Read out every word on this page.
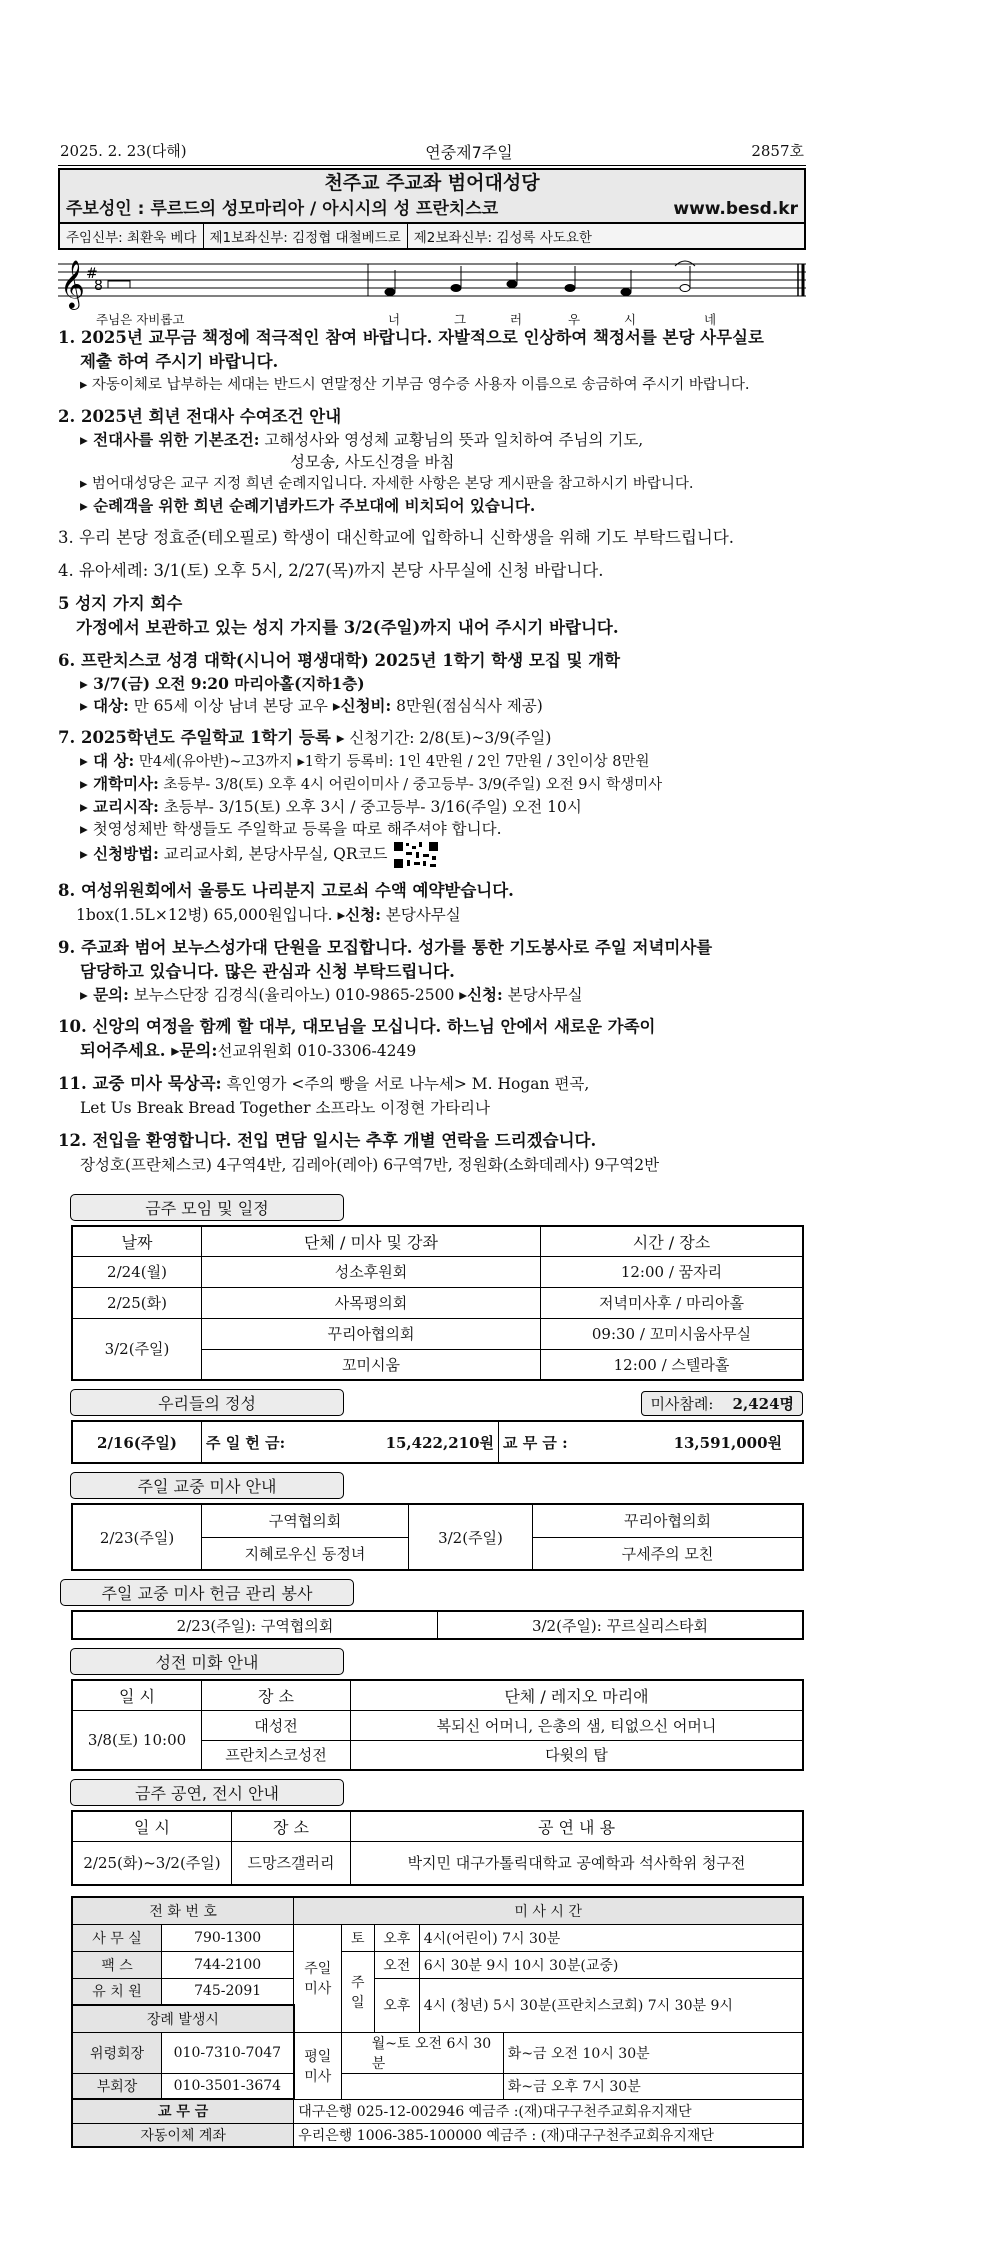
2025. 2. 23(다해)	연중제7주일	2857호
천주교 주교좌 범어대성당
주보성인 : 루르드의 성모마리아 / 아시시의 성 프란치스코	www.besd.kr
주임신부: 최환욱 베다 제1보좌신부: 김정협 대철베드로 제2보좌신부: 김성록 사도요한
𝄞 #
8
주님은 자비롭고	너	그	러	우	시	네
1. 2025년 교무금 책정에 적극적인 참여 바랍니다. 자발적으로 인상하여 책정서를 본당 사무실로
제출 하여 주시기 바랍니다.
▸ 자동이체로 납부하는 세대는 반드시 연말정산 기부금 영수증 사용자 이름으로 송금하여 주시기 바랍니다.
2. 2025년 희년 전대사 수여조건 안내
▸ 전대사를 위한 기본조건: 고해성사와 영성체 교황님의 뜻과 일치하여 주님의 기도,
성모송, 사도신경을 바침
▸ 범어대성당은 교구 지정 희년 순례지입니다. 자세한 사항은 본당 게시판을 참고하시기 바랍니다.
▸ 순례객을 위한 희년 순례기념카드가 주보대에 비치되어 있습니다.
3. 우리 본당 정효준(테오필로) 학생이 대신학교에 입학하니 신학생을 위해 기도 부탁드립니다.
4. 유아세례: 3/1(토) 오후 5시, 2/27(목)까지 본당 사무실에 신청 바랍니다.
5 성지 가지 회수
가정에서 보관하고 있는 성지 가지를 3/2(주일)까지 내어 주시기 바랍니다.
6. 프란치스코 성경 대학(시니어 평생대학) 2025년 1학기 학생 모집 및 개학
▸ 3/7(금) 오전 9:20 마리아홀(지하1층)
▸ 대상: 만 65세 이상 남녀 본당 교우 ▸신청비: 8만원(점심식사 제공)
7. 2025학년도 주일학교 1학기 등록 ▸ 신청기간: 2/8(토)~3/9(주일)
▸ 대 상: 만4세(유아반)~고3까지 ▸1학기 등록비: 1인 4만원 / 2인 7만원 / 3인이상 8만원
▸ 개학미사: 초등부- 3/8(토) 오후 4시 어린이미사 / 중고등부- 3/9(주일) 오전 9시 학생미사
▸ 교리시작: 초등부- 3/15(토) 오후 3시 / 중고등부- 3/16(주일) 오전 10시
▸ 첫영성체반 학생들도 주일학교 등록을 따로 해주셔야 합니다.
▸ 신청방법: 교리교사회, 본당사무실, QR코드
8. 여성위원회에서 울릉도 나리분지 고로쇠 수액 예약받습니다.
1box(1.5L×12병) 65,000원입니다. ▸신청: 본당사무실
9. 주교좌 범어 보누스성가대 단원을 모집합니다. 성가를 통한 기도봉사로 주일 저녁미사를
담당하고 있습니다. 많은 관심과 신청 부탁드립니다.
▸ 문의: 보누스단장 김경식(율리아노) 010-9865-2500 ▸신청: 본당사무실
10. 신앙의 여정을 함께 할 대부, 대모님을 모십니다. 하느님 안에서 새로운 가족이
되어주세요. ▸문의:선교위원회 010-3306-4249
11. 교중 미사 묵상곡: 흑인영가 <주의 빵을 서로 나누세> M. Hogan 편곡,
Let Us Break Bread Together 소프라노 이정현 가타리나
12. 전입을 환영합니다. 전입 면담 일시는 추후 개별 연락을 드리겠습니다.
장성호(프란체스코) 4구역4반, 김레아(레아) 6구역7반, 정원화(소화데레사) 9구역2반
금주 모임 및 일정
날짜	단체 / 미사 및 강좌	시간 / 장소
2/24(월)	성소후원회	12:00 / 꿈자리
2/25(화)	사목평의회	저녁미사후 / 마리아홀
3/2(주일)	꾸리아협의회	09:30 / 꼬미시움사무실
	꼬미시움	12:00 / 스텔라홀
우리들의 정성	미사참례: 2,424명
2/16(주일)	주 일 헌 금:	15,422,210원	교 무 금 :	13,591,000원
주일 교중 미사 안내
2/23(주일)	구역협의회	3/2(주일)	꾸리아협의회
	지혜로우신 동정녀		구세주의 모친
주일 교중 미사 헌금 관리 봉사
2/23(주일): 구역협의회	3/2(주일): 꾸르실리스타회
성전 미화 안내
일 시	장 소	단체 / 레지오 마리애
3/8(토) 10:00	대성전	복되신 어머니, 은총의 샘, 티없으신 어머니
	프란치스코성전	다윗의 탑
금주 공연, 전시 안내
일 시	장 소	공 연 내 용
2/25(화)~3/2(주일)	드망즈갤러리	박지민 대구가톨릭대학교 공예학과 석사학위 청구전
전 화 번 호		미 사 시 간				
사 무 실	790-1300	주일미사	토	오후	4시(어린이) 7시 30분	
팩 스	744-2100		주일	오전	6시 30분 9시 10시 30분(교중)	
유 치 원	745-2091			오후	4시 (청년) 5시 30분(프란치스코회) 7시 30분 9시	
장례 발생시						
위령회장	010-7310-7047	평일미사	월~토 오전 6시 30분			화~금 오전 10시 30분
부회장	010-3501-3674					화~금 오후 7시 30분
교 무 금		대구은행 025-12-002946 예금주 :(재)대구구천주교회유지재단				
자동이체 계좌		우리은행 1006-385-100000 예금주 : (재)대구구천주교회유지재단				
